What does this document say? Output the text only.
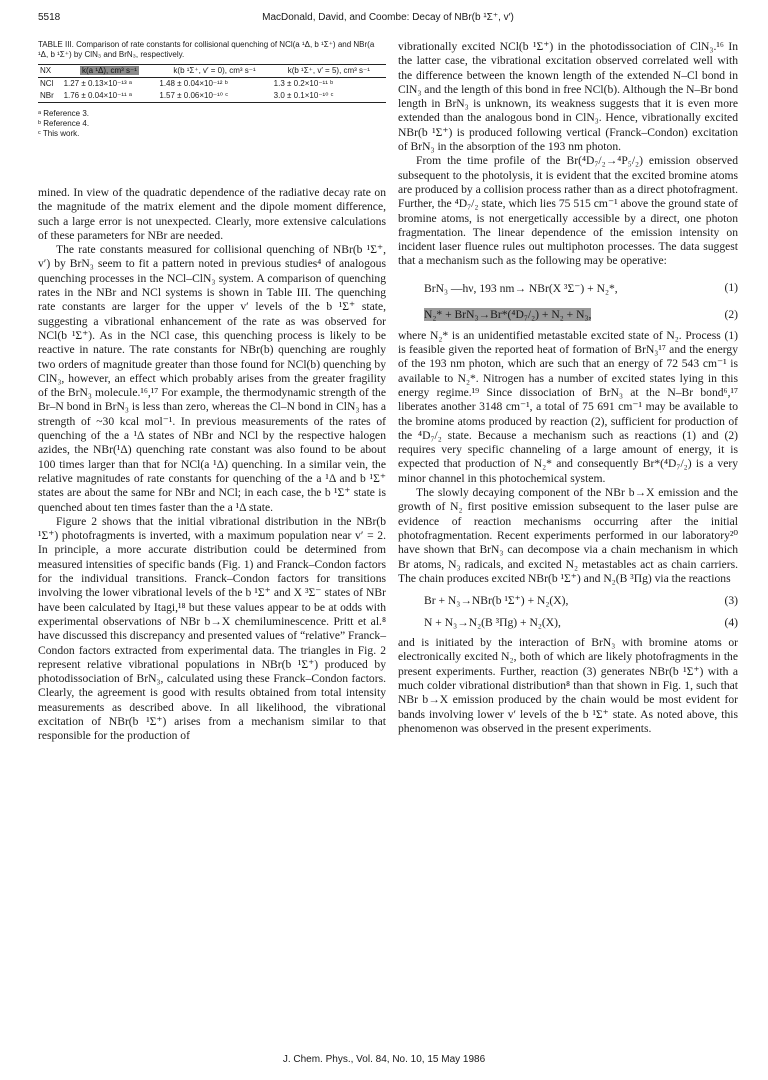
5518	MacDonald, David, and Coombe: Decay of NBr(b ¹Σ⁺, v′)

TABLE III. Comparison of rate constants for collisional quenching of NCl(a ¹Δ, b ¹Σ⁺) and NBr(a ¹Δ, b ¹Σ⁺) by ClN₃ and BrN₃, respectively.

NX	k(a ¹Δ), cm³ s⁻¹	k(b ¹Σ⁺, v′ = 0), cm³ s⁻¹	k(b ¹Σ⁺, v′ = 5), cm³ s⁻¹

NCl	1.27 ± 0.13×10⁻¹³ ᵃ	1.48 ± 0.04×10⁻¹² ᵇ	1.3 ± 0.2×10⁻¹¹ ᵇ
NBr	1.76 ± 0.04×10⁻¹¹ ᵃ	1.57 ± 0.06×10⁻¹⁰ ᶜ	3.0 ± 0.1×10⁻¹⁰ ᶜ
ᵃ Reference 3.
ᵇ Reference 4.
ᶜ This work.

mined. In view of the quadratic dependence of the radiative decay rate on the magnitude of the matrix element and the dipole moment difference, such a large error is not unexpected. Clearly, more extensive calculations of these parameters for NBr are needed.

The rate constants measured for collisional quenching of NBr(b ¹Σ⁺, v′) by BrN₃ seem to fit a pattern noted in previous studies⁴ of analogous quenching processes in the NCl–ClN₃ system. A comparison of quenching rates in the NBr and NCl systems is shown in Table III. The quenching rate constants are larger for the upper v′ levels of the b ¹Σ⁺ state, suggesting a vibrational enhancement of the rate as was observed for NCl(b ¹Σ⁺). As in the NCl case, this quenching process is likely to be reactive in nature. The rate constants for NBr(b) quenching are roughly two orders of magnitude greater than those found for NCl(b) quenching by ClN₃, however, an effect which probably arises from the greater fragility of the BrN₃ molecule.¹⁶,¹⁷ For example, the thermodynamic strength of the Br–N bond in BrN₃ is less than zero, whereas the Cl–N bond in ClN₃ has a strength of ~30 kcal mol⁻¹. In previous measurements of the rates of quenching of the a ¹Δ states of NBr and NCl by the respective halogen azides, the NBr(¹Δ) quenching rate constant was also found to be about 100 times larger than that for NCl(a ¹Δ) quenching. In a similar vein, the relative magnitudes of rate constants for quenching of the a ¹Δ and b ¹Σ⁺ states are about the same for NBr and NCl; in each case, the b ¹Σ⁺ state is quenched about ten times faster than the a ¹Δ state.

Figure 2 shows that the initial vibrational distribution in the NBr(b ¹Σ⁺) photofragments is inverted, with a maximum population near v′ = 2. In principle, a more accurate distribution could be determined from measured intensities of specific bands (Fig. 1) and Franck–Condon factors for the individual transitions. Franck–Condon factors for transitions involving the lower vibrational levels of the b ¹Σ⁺ and X ³Σ⁻ states of NBr have been calculated by Itagi,¹⁸ but these values appear to be at odds with experimental observations of NBr b→X chemiluminescence. Pritt et al.⁸ have discussed this discrepancy and presented values of “relative” Franck–Condon factors extracted from experimental data. The triangles in Fig. 2 represent relative vibrational populations in NBr(b ¹Σ⁺) produced by photodissociation of BrN₃, calculated using these Franck–Condon factors. Clearly, the agreement is good with results obtained from total intensity measurements as described above. In all likelihood, the vibrational excitation of NBr(b ¹Σ⁺) arises from a mechanism similar to that responsible for the production of

vibrationally excited NCl(b ¹Σ⁺) in the photodissociation of ClN₃.¹⁶ In the latter case, the vibrational excitation observed correlated well with the difference between the known length of the extended N–Cl bond in ClN₃ and the length of this bond in free NCl(b). Although the N–Br bond length in BrN₃ is unknown, its weakness suggests that it is even more extended than the analogous bond in ClN₃. Hence, vibrationally excited NBr(b ¹Σ⁺) is produced following vertical (Franck–Condon) excitation of BrN₃ in the absorption of the 193 nm photon.

From the time profile of the Br(⁴D₇/₂→⁴P₅/₂) emission observed subsequent to the photolysis, it is evident that the excited bromine atoms are produced by a collision process rather than as a direct photofragment. Further, the ⁴D₇/₂ state, which lies 75 515 cm⁻¹ above the ground state of bromine atoms, is not energetically accessible by a direct, one photon fragmentation. The linear dependence of the emission intensity on incident laser fluence rules out multiphoton processes. The data suggest that a mechanism such as the following may be operative:

BrN₃ —hν, 193 nm→ NBr(X ³Σ⁻) + N₂*,	(1)
N₂* + BrN₃→Br*(⁴D₇/₂) + N₂ + N₃,	(2)

where N₂* is an unidentified metastable excited state of N₂. Process (1) is feasible given the reported heat of formation of BrN₃¹⁷ and the energy of the 193 nm photon, which are such that an energy of 72 543 cm⁻¹ is available to N₂*. Nitrogen has a number of excited states lying in this energy regime.¹⁹ Since dissociation of BrN₃ at the N–Br bond⁶,¹⁷ liberates another 3148 cm⁻¹, a total of 75 691 cm⁻¹ may be available to the bromine atoms produced by reaction (2), sufficient for production of the ⁴D₇/₂ state. Because a mechanism such as reactions (1) and (2) requires very specific channeling of a large amount of energy, it is expected that production of N₂* and consequently Br*(⁴D₇/₂) is a very minor channel in this photochemical system.

The slowly decaying component of the NBr b→X emission and the growth of N₂ first positive emission subsequent to the laser pulse are evidence of reaction mechanisms occurring after the initial photofragmentation. Recent experiments performed in our laboratory²⁰ have shown that BrN₃ can decompose via a chain mechanism in which Br atoms, N₃ radicals, and excited N₂ metastables act as chain carriers. The chain produces excited NBr(b ¹Σ⁺) and N₂(B ³Πg) via the reactions

Br + N₃→NBr(b ¹Σ⁺) + N₂(X),	(3)
N + N₃→N₂(B ³Πg) + N₂(X),	(4)

and is initiated by the interaction of BrN₃ with bromine atoms or electronically excited N₂, both of which are likely photofragments in the present experiments. Further, reaction (3) generates NBr(b ¹Σ⁺) with a much colder vibrational distribution⁸ than that shown in Fig. 1, such that NBr b→X emission produced by the chain would be most evident for bands involving lower v′ levels of the b ¹Σ⁺ state. As noted above, this phenomenon was observed in the present experiments.

J. Chem. Phys., Vol. 84, No. 10, 15 May 1986
